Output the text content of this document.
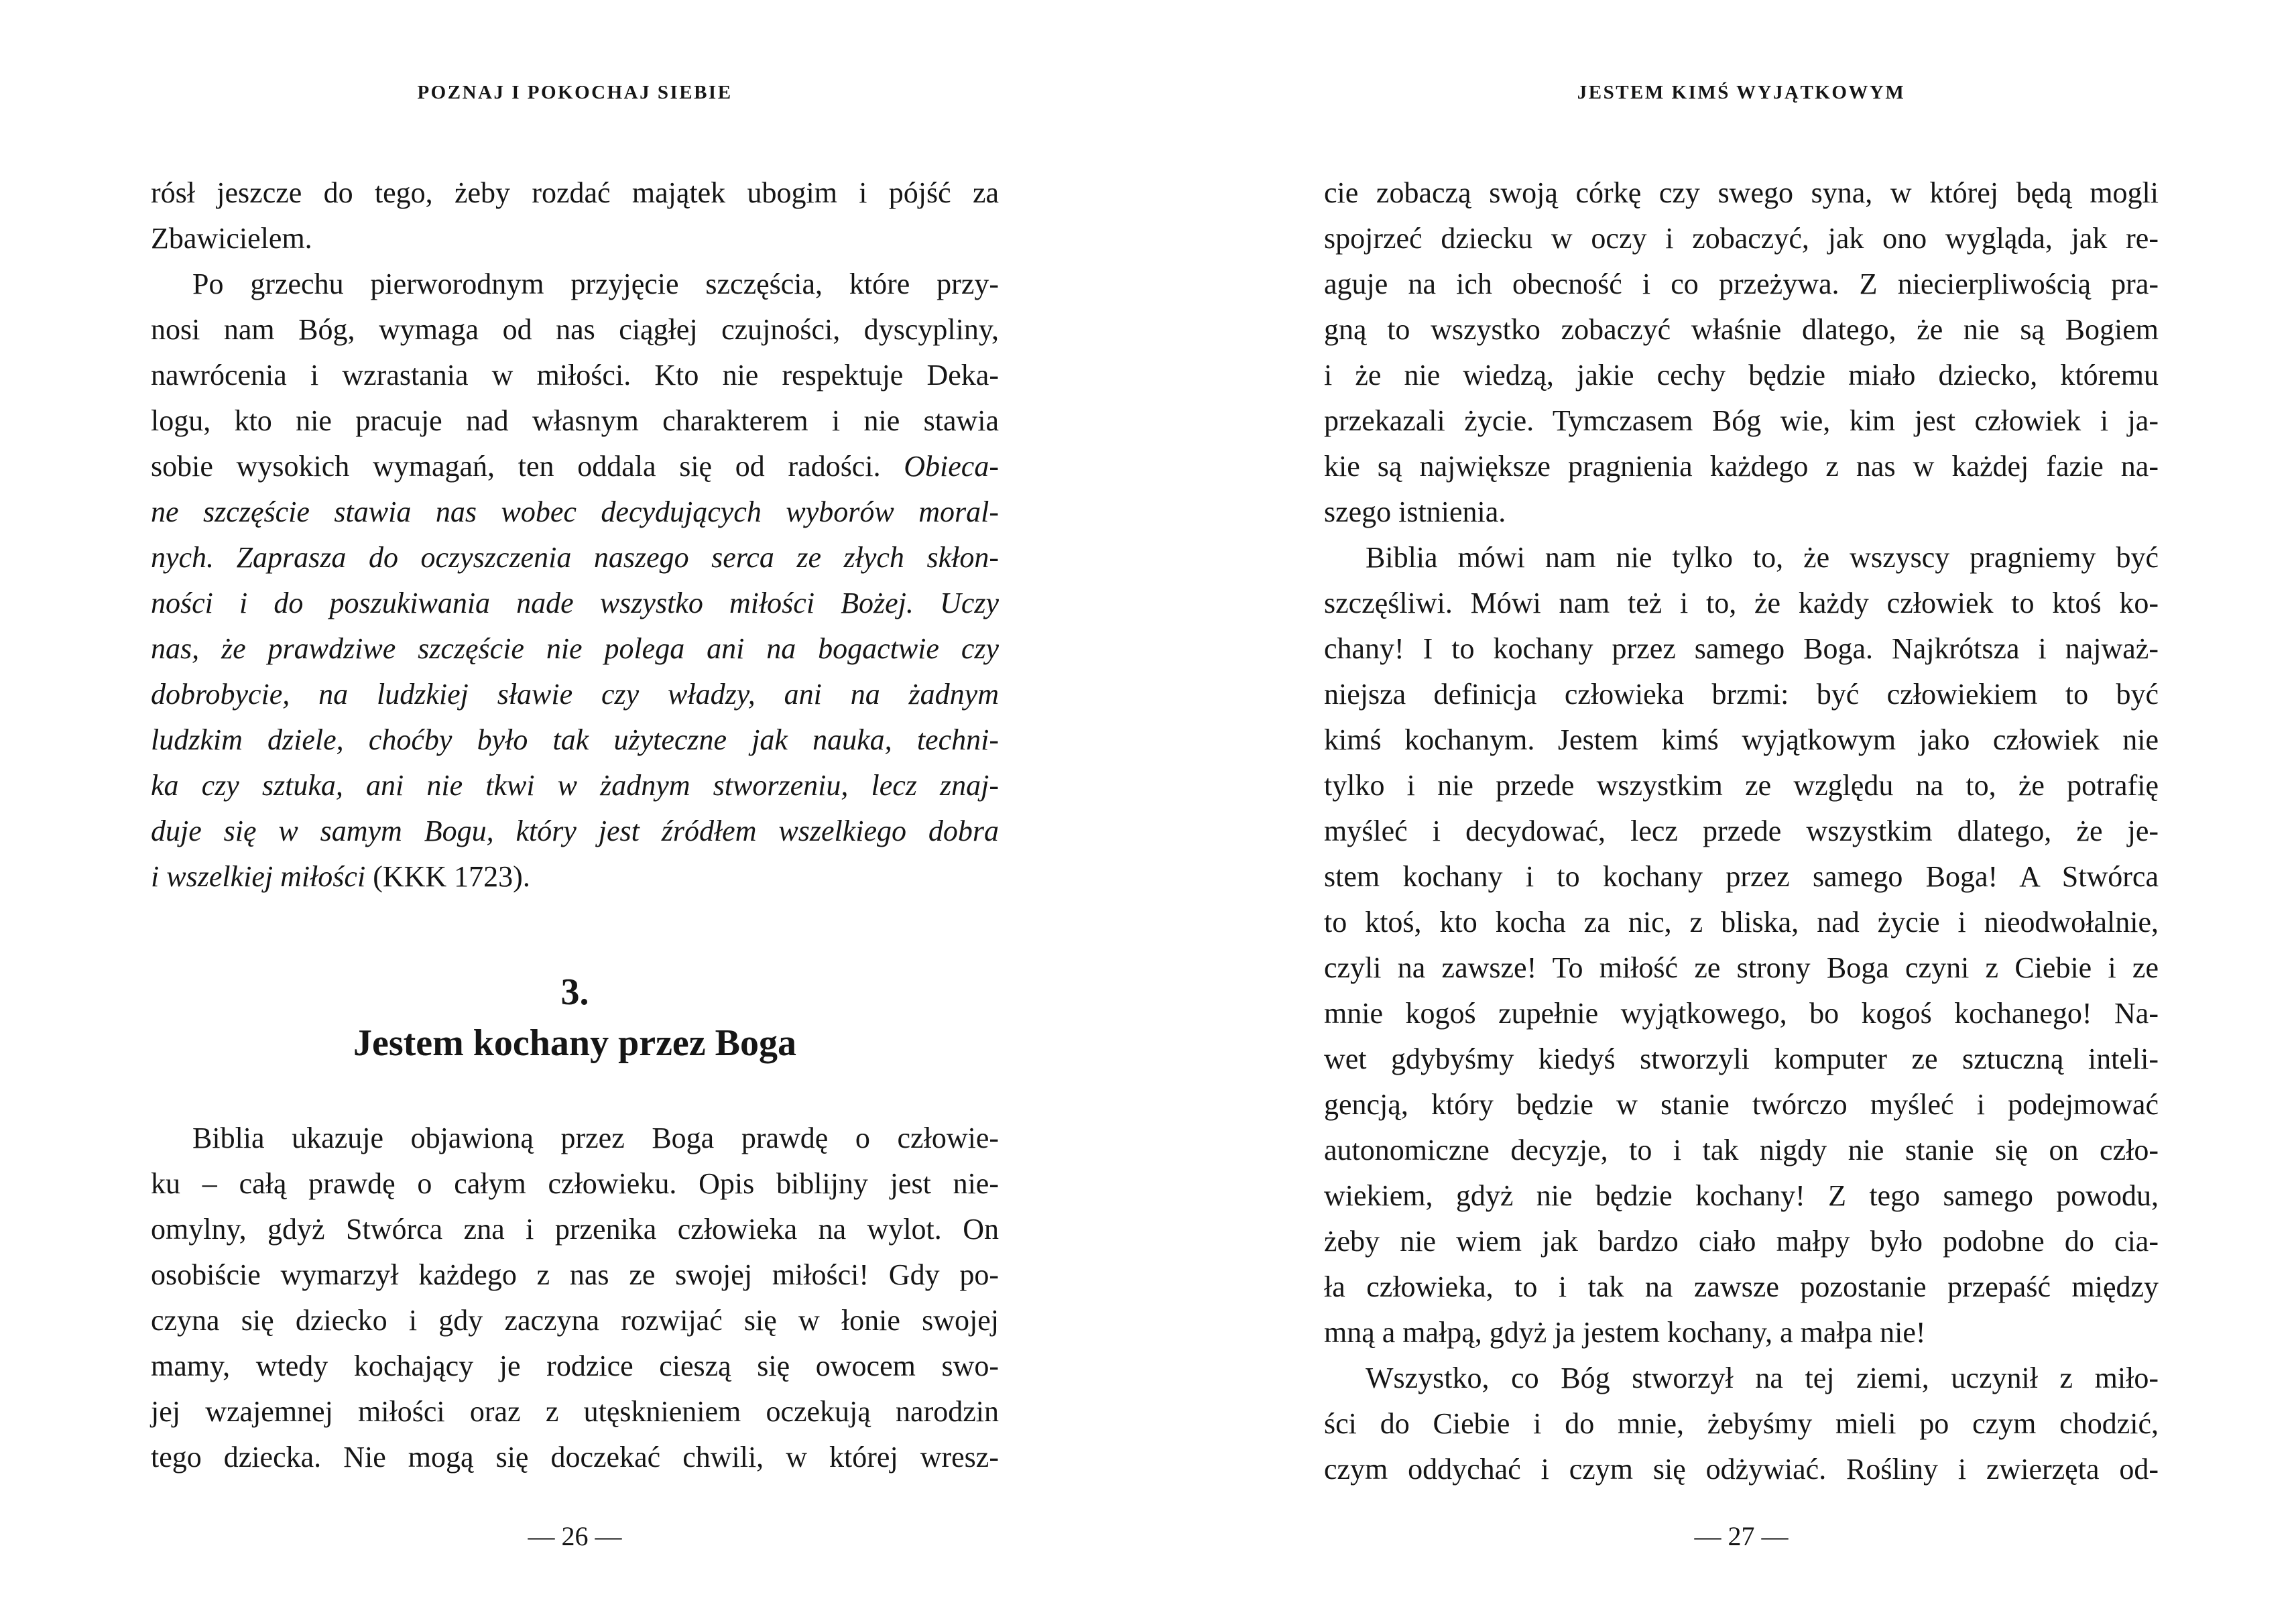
POZNAJ I POKOCHAJ SIEBIE
rósł jeszcze do tego, żeby rozdać majątek ubogim i pójść za
Zbawicielem.
Po grzechu pierworodnym przyjęcie szczęścia, które przy-
nosi nam Bóg, wymaga od nas ciągłej czujności, dyscypliny,
nawrócenia i wzrastania w miłości. Kto nie respektuje Deka-
logu, kto nie pracuje nad własnym charakterem i nie stawia
sobie wysokich wymagań, ten oddala się od radości. Obieca-
ne szczęście stawia nas wobec decydujących wyborów moral-
nych. Zaprasza do oczyszczenia naszego serca ze złych skłon-
ności i do poszukiwania nade wszystko miłości Bożej. Uczy
nas, że prawdziwe szczęście nie polega ani na bogactwie czy
dobrobycie, na ludzkiej sławie czy władzy, ani na żadnym
ludzkim dziele, choćby było tak użyteczne jak nauka, techni-
ka czy sztuka, ani nie tkwi w żadnym stworzeniu, lecz znaj-
duje się w samym Bogu, który jest źródłem wszelkiego dobra
i wszelkiej miłości (KKK 1723).
3.
Jestem kochany przez Boga
Biblia ukazuje objawioną przez Boga prawdę o człowie-
ku – całą prawdę o całym człowieku. Opis biblijny jest nie-
omylny, gdyż Stwórca zna i przenika człowieka na wylot. On
osobiście wymarzył każdego z nas ze swojej miłości! Gdy po-
czyna się dziecko i gdy zaczyna rozwijać się w łonie swojej
mamy, wtedy kochający je rodzice cieszą się owocem swo-
jej wzajemnej miłości oraz z utęsknieniem oczekują narodzin
tego dziecka. Nie mogą się doczekać chwili, w której wresz-
— 26 —
JESTEM KIMŚ WYJĄTKOWYM
cie zobaczą swoją córkę czy swego syna, w której będą mogli
spojrzeć dziecku w oczy i zobaczyć, jak ono wygląda, jak re-
aguje na ich obecność i co przeżywa. Z niecierpliwością pra-
gną to wszystko zobaczyć właśnie dlatego, że nie są Bogiem
i że nie wiedzą, jakie cechy będzie miało dziecko, któremu
przekazali życie. Tymczasem Bóg wie, kim jest człowiek i ja-
kie są największe pragnienia każdego z nas w każdej fazie na-
szego istnienia.
Biblia mówi nam nie tylko to, że wszyscy pragniemy być
szczęśliwi. Mówi nam też i to, że każdy człowiek to ktoś ko-
chany! I to kochany przez samego Boga. Najkrótsza i najważ-
niejsza definicja człowieka brzmi: być człowiekiem to być
kimś kochanym. Jestem kimś wyjątkowym jako człowiek nie
tylko i nie przede wszystkim ze względu na to, że potrafię
myśleć i decydować, lecz przede wszystkim dlatego, że je-
stem kochany i to kochany przez samego Boga! A Stwórca
to ktoś, kto kocha za nic, z bliska, nad życie i nieodwołalnie,
czyli na zawsze! To miłość ze strony Boga czyni z Ciebie i ze
mnie kogoś zupełnie wyjątkowego, bo kogoś kochanego! Na-
wet gdybyśmy kiedyś stworzyli komputer ze sztuczną inteli-
gencją, który będzie w stanie twórczo myśleć i podejmować
autonomiczne decyzje, to i tak nigdy nie stanie się on czło-
wiekiem, gdyż nie będzie kochany! Z tego samego powodu,
żeby nie wiem jak bardzo ciało małpy było podobne do cia-
ła człowieka, to i tak na zawsze pozostanie przepaść między
mną a małpą, gdyż ja jestem kochany, a małpa nie!
Wszystko, co Bóg stworzył na tej ziemi, uczynił z miło-
ści do Ciebie i do mnie, żebyśmy mieli po czym chodzić,
czym oddychać i czym się odżywiać. Rośliny i zwierzęta od-
— 27 —
